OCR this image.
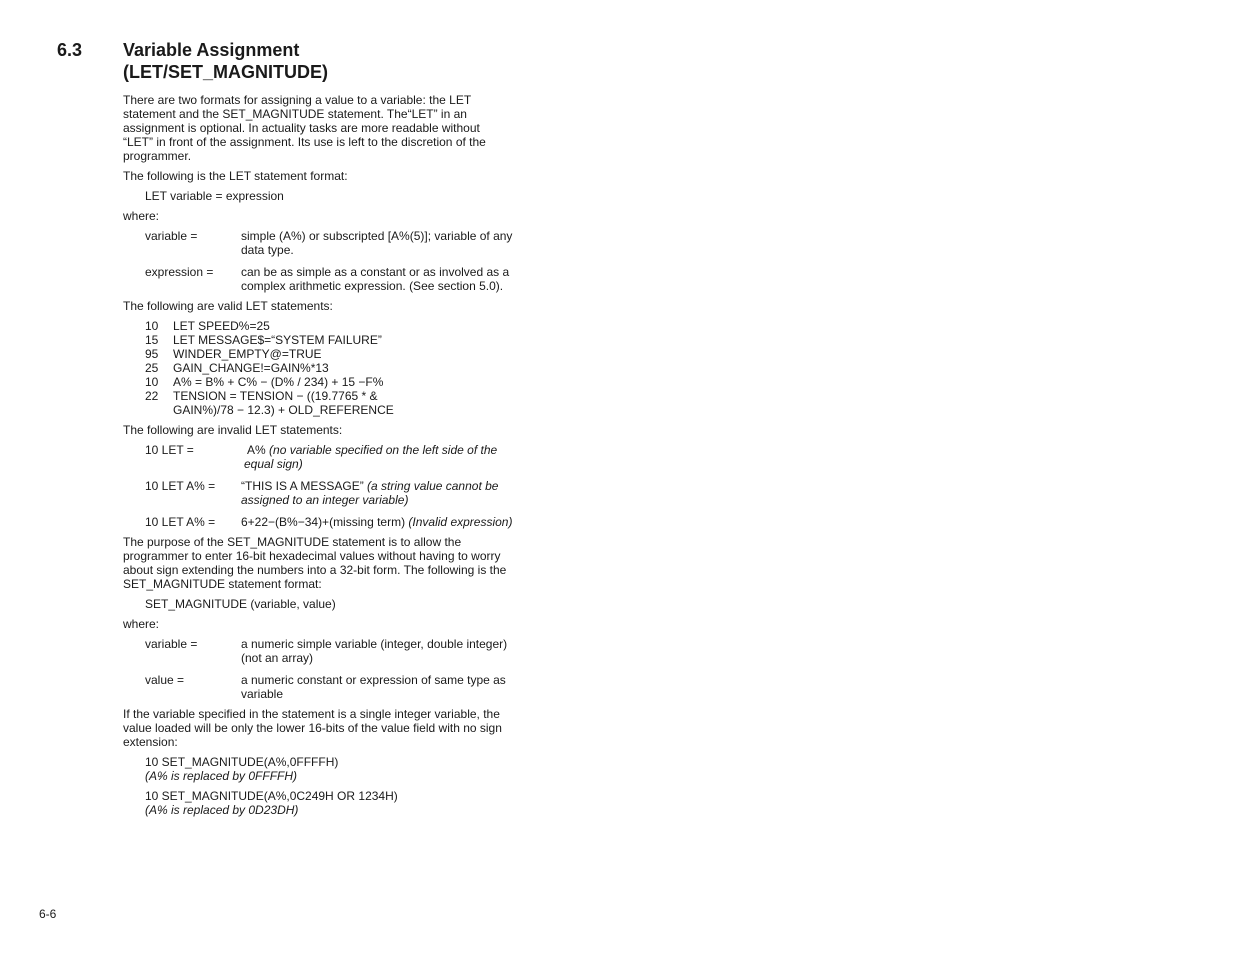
6.3 Variable Assignment
(LET/SET_MAGNITUDE)

There are two formats for assigning a value to a variable: the LET statement and the SET_MAGNITUDE statement. The“LET” in an assignment is optional. In actuality tasks are more readable without “LET” in front of the assignment. Its use is left to the discretion of the programmer.

The following is the LET statement format:

LET variable = expression

where:

variable =	simple (A%) or subscripted [A%(5)]; variable of any data type.
expression =	can be as simple as a constant or as involved as a complex arithmetic expression. (See section 5.0).

The following are valid LET statements:

10	LET SPEED%=25
15	LET MESSAGE$=“SYSTEM FAILURE”
95	WINDER_EMPTY@=TRUE
25	GAIN_CHANGE!=GAIN%*13
10	A% = B% + C% − (D% / 234) + 15 −F%
22	TENSION = TENSION − ((19.7765 * &
GAIN%)/78 − 12.3) + OLD_REFERENCE

The following are invalid LET statements:

10 LET =	A% (no variable specified on the left side of the equal sign)
10 LET A% =	“THIS IS A MESSAGE” (a string value cannot be assigned to an integer variable)
10 LET A% =	6+22−(B%−34)+(missing term) (Invalid expression)

The purpose of the SET_MAGNITUDE statement is to allow the programmer to enter 16-bit hexadecimal values without having to worry about sign extending the numbers into a 32-bit form. The following is the SET_MAGNITUDE statement format:

SET_MAGNITUDE (variable, value)

where:

variable =	a numeric simple variable (integer, double integer) (not an array)
value =	a numeric constant or expression of same type as variable

If the variable specified in the statement is a single integer variable, the value loaded will be only the lower 16-bits of the value field with no sign extension:

10 SET_MAGNITUDE(A%,0FFFFH)
(A% is replaced by 0FFFFH)
10 SET_MAGNITUDE(A%,0C249H OR 1234H)
(A% is replaced by 0D23DH)
6-6
